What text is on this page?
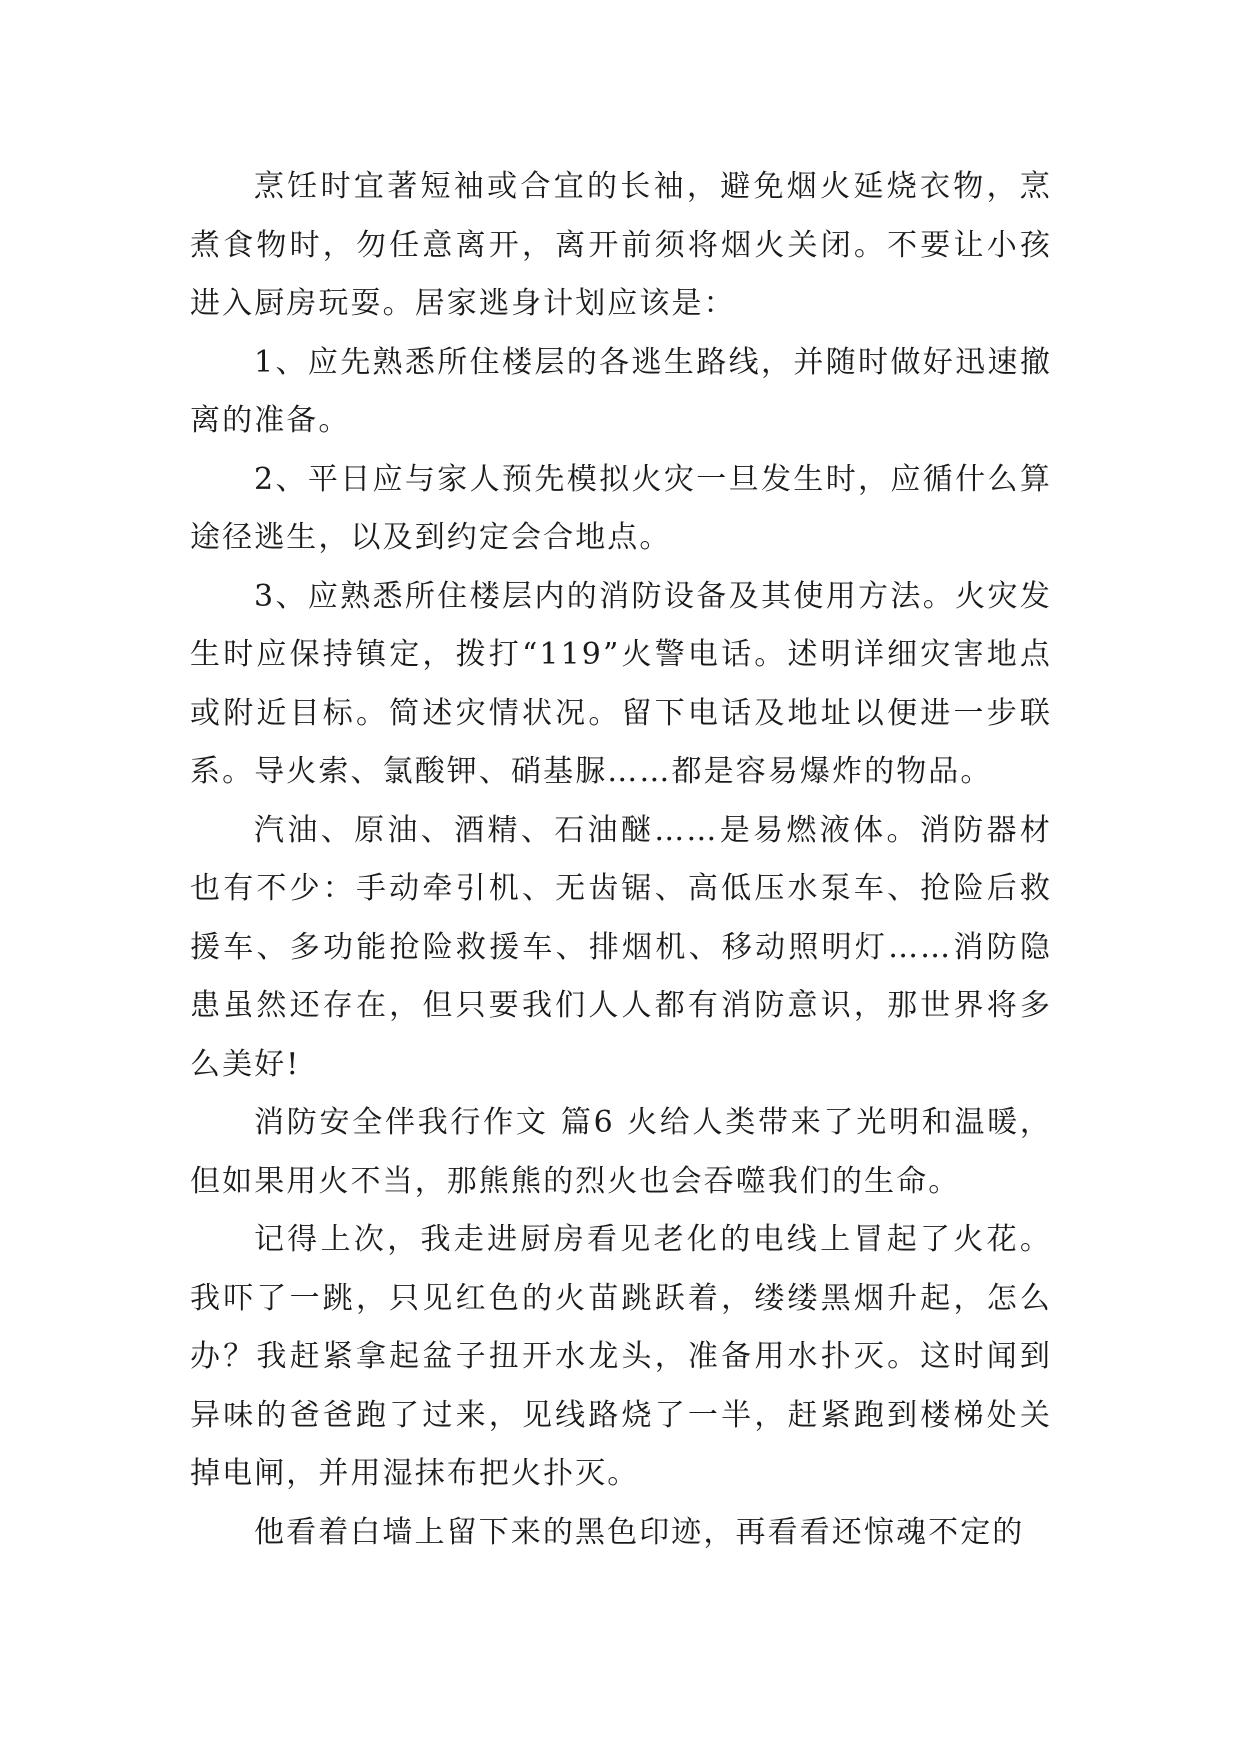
烹饪时宜著短袖或合宜的长袖，避免烟火延烧衣物，烹煮食物时，勿任意离开，离开前须将烟火关闭。不要让小孩进入厨房玩耍。居家逃身计划应该是：

1、应先熟悉所住楼层的各逃生路线，并随时做好迅速撤离的准备。

2、平日应与家人预先模拟火灾一旦发生时，应循什么算途径逃生，以及到约定会合地点。

3、应熟悉所住楼层内的消防设备及其使用方法。火灾发生时应保持镇定，拨打“119”火警电话。述明详细灾害地点或附近目标。简述灾情状况。留下电话及地址以便进一步联系。导火索、氯酸钾、硝基脲……都是容易爆炸的物品。

汽油、原油、酒精、石油醚……是易燃液体。消防器材也有不少：手动牵引机、无齿锯、高低压水泵车、抢险后救援车、多功能抢险救援车、排烟机、移动照明灯……消防隐患虽然还存在，但只要我们人人都有消防意识，那世界将多么美好!

消防安全伴我行作文 篇6 火给人类带来了光明和温暖，但如果用火不当，那熊熊的烈火也会吞噬我们的生命。

记得上次，我走进厨房看见老化的电线上冒起了火花。我吓了一跳，只见红色的火苗跳跃着，缕缕黑烟升起，怎么办？我赶紧拿起盆子扭开水龙头，准备用水扑灭。这时闻到异味的爸爸跑了过来，见线路烧了一半，赶紧跑到楼梯处关掉电闸，并用湿抹布把火扑灭。

他看着白墙上留下来的黑色印迹，再看看还惊魂不定的
